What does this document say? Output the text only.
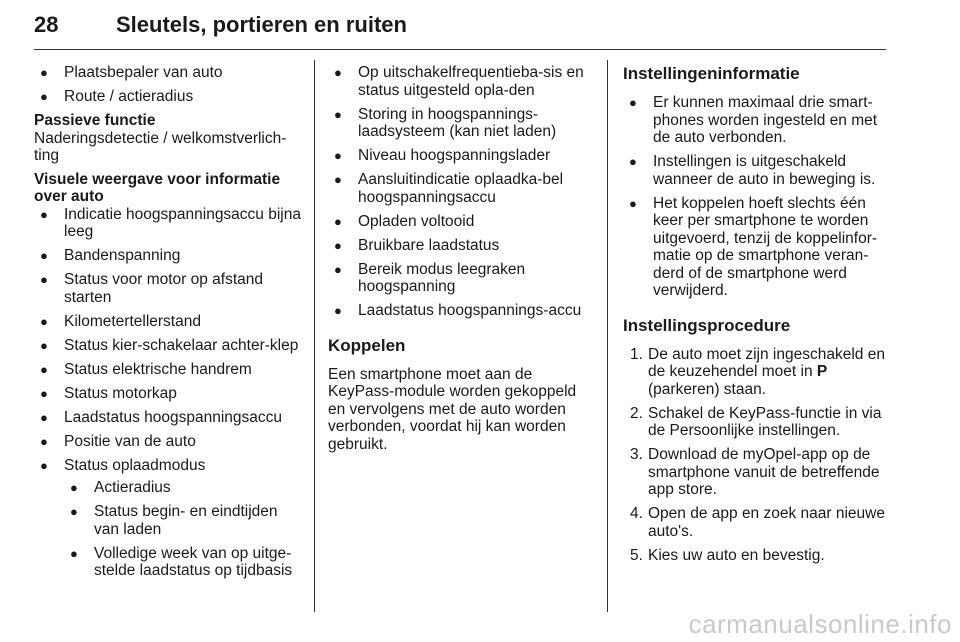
28	Sleutels, portieren en ruiten
● Plaatsbepaler van auto
● Route / actieradius

Passieve functie

Naderingsdetectie / welkomstverlich-ting

Visuele weergave voor informatie over auto

● Indicatie hoogspanningsaccu bijna leeg
● Bandenspanning
● Status voor motor op afstand starten
● Kilometertellerstand
● Status kier-schakelaar achter-klep
● Status elektrische handrem
● Status motorkap
● Laadstatus hoogspanningsaccu
● Positie van de auto
● Status oplaadmodus
● Actieradius
● Status begin- en eindtijden van laden
● Volledige week van op uitge-stelde laadstatus op tijdbasis
● Op uitschakelfrequentieba-sis en status uitgesteld opla-den
● Storing in hoogspannings-laadsysteem (kan niet laden)
● Niveau hoogspanningslader
● Aansluitindicatie oplaadka-bel hoogspanningsaccu
● Opladen voltooid
● Bruikbare laadstatus
● Bereik modus leegraken hoogspanning
● Laadstatus hoogspannings-accu

Koppelen

Een smartphone moet aan de KeyPass-module worden gekoppeld en vervolgens met de auto worden verbonden, voordat hij kan worden gebruikt.

Instellingeninformatie

● Er kunnen maximaal drie smart-phones worden ingesteld en met de auto verbonden.
● Instellingen is uitgeschakeld wanneer de auto in beweging is.
● Het koppelen hoeft slechts één keer per smartphone te worden uitgevoerd, tenzij de koppelinfor-matie op de smartphone veran-derd of de smartphone werd verwijderd.

Instellingsprocedure

1. De auto moet zijn ingeschakeld en de keuzehendel moet in P (parkeren) staan.
2. Schakel de KeyPass-functie in via de Persoonlijke instellingen.
3. Download de myOpel-app op de smartphone vanuit de betreffende app store.
4. Open de app en zoek naar nieuwe auto's.
5. Kies uw auto en bevestig.
carmanualsonline.info
